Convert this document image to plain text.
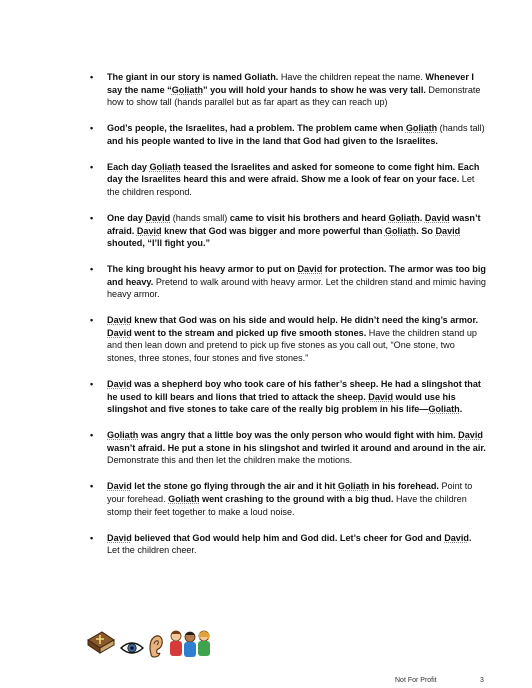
• The giant in our story is named Goliath. Have the children repeat the name. Whenever I say the name “Goliath” you will hold your hands to show he was very tall. Demonstrate how to show tall (hands parallel but as far apart as they can reach up)
• God’s people, the Israelites, had a problem. The problem came when Goliath (hands tall) and his people wanted to live in the land that God had given to the Israelites.
• Each day Goliath teased the Israelites and asked for someone to come fight him. Each day the Israelites heard this and were afraid. Show me a look of fear on your face. Let the children respond.
• One day David (hands small) came to visit his brothers and heard Goliath. David wasn’t afraid. David knew that God was bigger and more powerful than Goliath. So David shouted, “I’ll fight you.”
• The king brought his heavy armor to put on David for protection. The armor was too big and heavy. Pretend to walk around with heavy armor. Let the children stand and mimic having heavy armor.
• David knew that God was on his side and would help. He didn’t need the king’s armor. David went to the stream and picked up five smooth stones. Have the children stand up and then lean down and pretend to pick up five stones as you call out, “One stone, two stones, three stones, four stones and five stones.”
• David was a shepherd boy who took care of his father’s sheep. He had a slingshot that he used to kill bears and lions that tried to attack the sheep. David would use his slingshot and five stones to take care of the really big problem in his life—Goliath.
• Goliath was angry that a little boy was the only person who would fight with him. David wasn’t afraid. He put a stone in his slingshot and twirled it around and around in the air. Demonstrate this and then let the children make the motions.
• David let the stone go flying through the air and it hit Goliath in his forehead. Point to your forehead. Goliath went crashing to the ground with a big thud. Have the children stomp their feet together to make a loud noise.
• David believed that God would help him and God did. Let’s cheer for God and David. Let the children cheer.
Not For Profit	3
